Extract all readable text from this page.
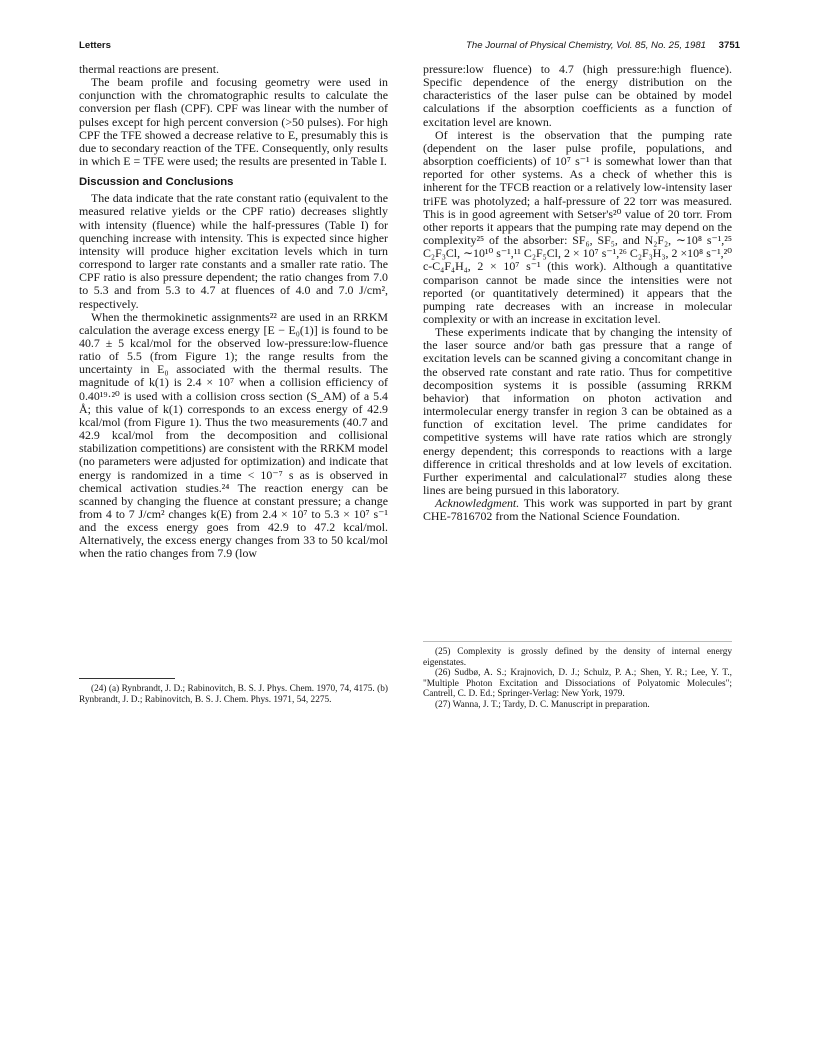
Letters	The Journal of Physical Chemistry, Vol. 85, No. 25, 1981 3751

thermal reactions are present.

The beam profile and focusing geometry were used in conjunction with the chromatographic results to calculate the conversion per flash (CPF). CPF was linear with the number of pulses except for high percent conversion (>50 pulses). For high CPF the TFE showed a decrease relative to E, presumably this is due to secondary reaction of the TFE. Consequently, only results in which E = TFE were used; the results are presented in Table I.

Discussion and Conclusions

The data indicate that the rate constant ratio (equivalent to the measured relative yields or the CPF ratio) decreases slightly with intensity (fluence) while the half-pressures (Table I) for quenching increase with intensity. This is expected since higher intensity will produce higher excitation levels which in turn correspond to larger rate constants and a smaller rate ratio. The CPF ratio is also pressure dependent; the ratio changes from 7.0 to 5.3 and from 5.3 to 4.7 at fluences of 4.0 and 7.0 J/cm², respectively.

When the thermokinetic assignments²² are used in an RRKM calculation the average excess energy [E − E₀(1)] is found to be 40.7 ± 5 kcal/mol for the observed low-pressure:low-fluence ratio of 5.5 (from Figure 1); the range results from the uncertainty in E₀ associated with the thermal results. The magnitude of k(1) is 2.4 × 10⁷ when a collision efficiency of 0.40¹⁹·²⁰ is used with a collision cross section (S_AM) of a 5.4 Å; this value of k(1) corresponds to an excess energy of 42.9 kcal/mol (from Figure 1). Thus the two measurements (40.7 and 42.9 kcal/mol from the decomposition and collisional stabilization competitions) are consistent with the RRKM model (no parameters were adjusted for optimization) and indicate that energy is randomized in a time < 10⁻⁷ s as is observed in chemical activation studies.²⁴ The reaction energy can be scanned by changing the fluence at constant pressure; a change from 4 to 7 J/cm² changes k(E) from 2.4 × 10⁷ to 5.3 × 10⁷ s⁻¹ and the excess energy goes from 42.9 to 47.2 kcal/mol. Alternatively, the excess energy changes from 33 to 50 kcal/mol when the ratio changes from 7.9 (low

pressure:low fluence) to 4.7 (high pressure:high fluence). Specific dependence of the energy distribution on the characteristics of the laser pulse can be obtained by model calculations if the absorption coefficients as a function of excitation level are known.

Of interest is the observation that the pumping rate (dependent on the laser pulse profile, populations, and absorption coefficients) of 10⁷ s⁻¹ is somewhat lower than that reported for other systems. As a check of whether this is inherent for the TFCB reaction or a relatively low-intensity laser triFE was photolyzed; a half-pressure of 22 torr was measured. This is in good agreement with Setser's²⁰ value of 20 torr. From other reports it appears that the pumping rate may depend on the complexity²⁵ of the absorber: SF₆, SF₅, and N₂F₂, ∼10⁸ s⁻¹,²⁵ C₂F₃Cl, ∼10¹⁰ s⁻¹,¹¹ C₂F₅Cl, 2 × 10⁷ s⁻¹,²⁶ C₂F₃H₃, 2 ×10⁸ s⁻¹,²⁰ c-C₄F₄H₄, 2 × 10⁷ s⁻¹ (this work). Although a quantitative comparison cannot be made since the intensities were not reported (or quantitatively determined) it appears that the pumping rate decreases with an increase in molecular complexity or with an increase in excitation level.

These experiments indicate that by changing the intensity of the laser source and/or bath gas pressure that a range of excitation levels can be scanned giving a concomitant change in the observed rate constant and rate ratio. Thus for competitive decomposition systems it is possible (assuming RRKM behavior) that information on photon activation and intermolecular energy transfer in region 3 can be obtained as a function of excitation level. The prime candidates for competitive systems will have rate ratios which are strongly energy dependent; this corresponds to reactions with a large difference in critical thresholds and at low levels of excitation. Further experimental and calculational²⁷ studies along these lines are being pursued in this laboratory.

Acknowledgment. This work was supported in part by grant CHE-7816702 from the National Science Foundation.

(24) (a) Rynbrandt, J. D.; Rabinovitch, B. S. J. Phys. Chem. 1970, 74, 4175. (b) Rynbrandt, J. D.; Rabinovitch, B. S. J. Chem. Phys. 1971, 54, 2275.

(25) Complexity is grossly defined by the density of internal energy eigenstates.

(26) Sudbø, A. S.; Krajnovich, D. J.; Schulz, P. A.; Shen, Y. R.; Lee, Y. T., "Multiple Photon Excitation and Dissociations of Polyatomic Molecules"; Cantrell, C. D. Ed.; Springer-Verlag: New York, 1979.

(27) Wanna, J. T.; Tardy, D. C. Manuscript in preparation.
